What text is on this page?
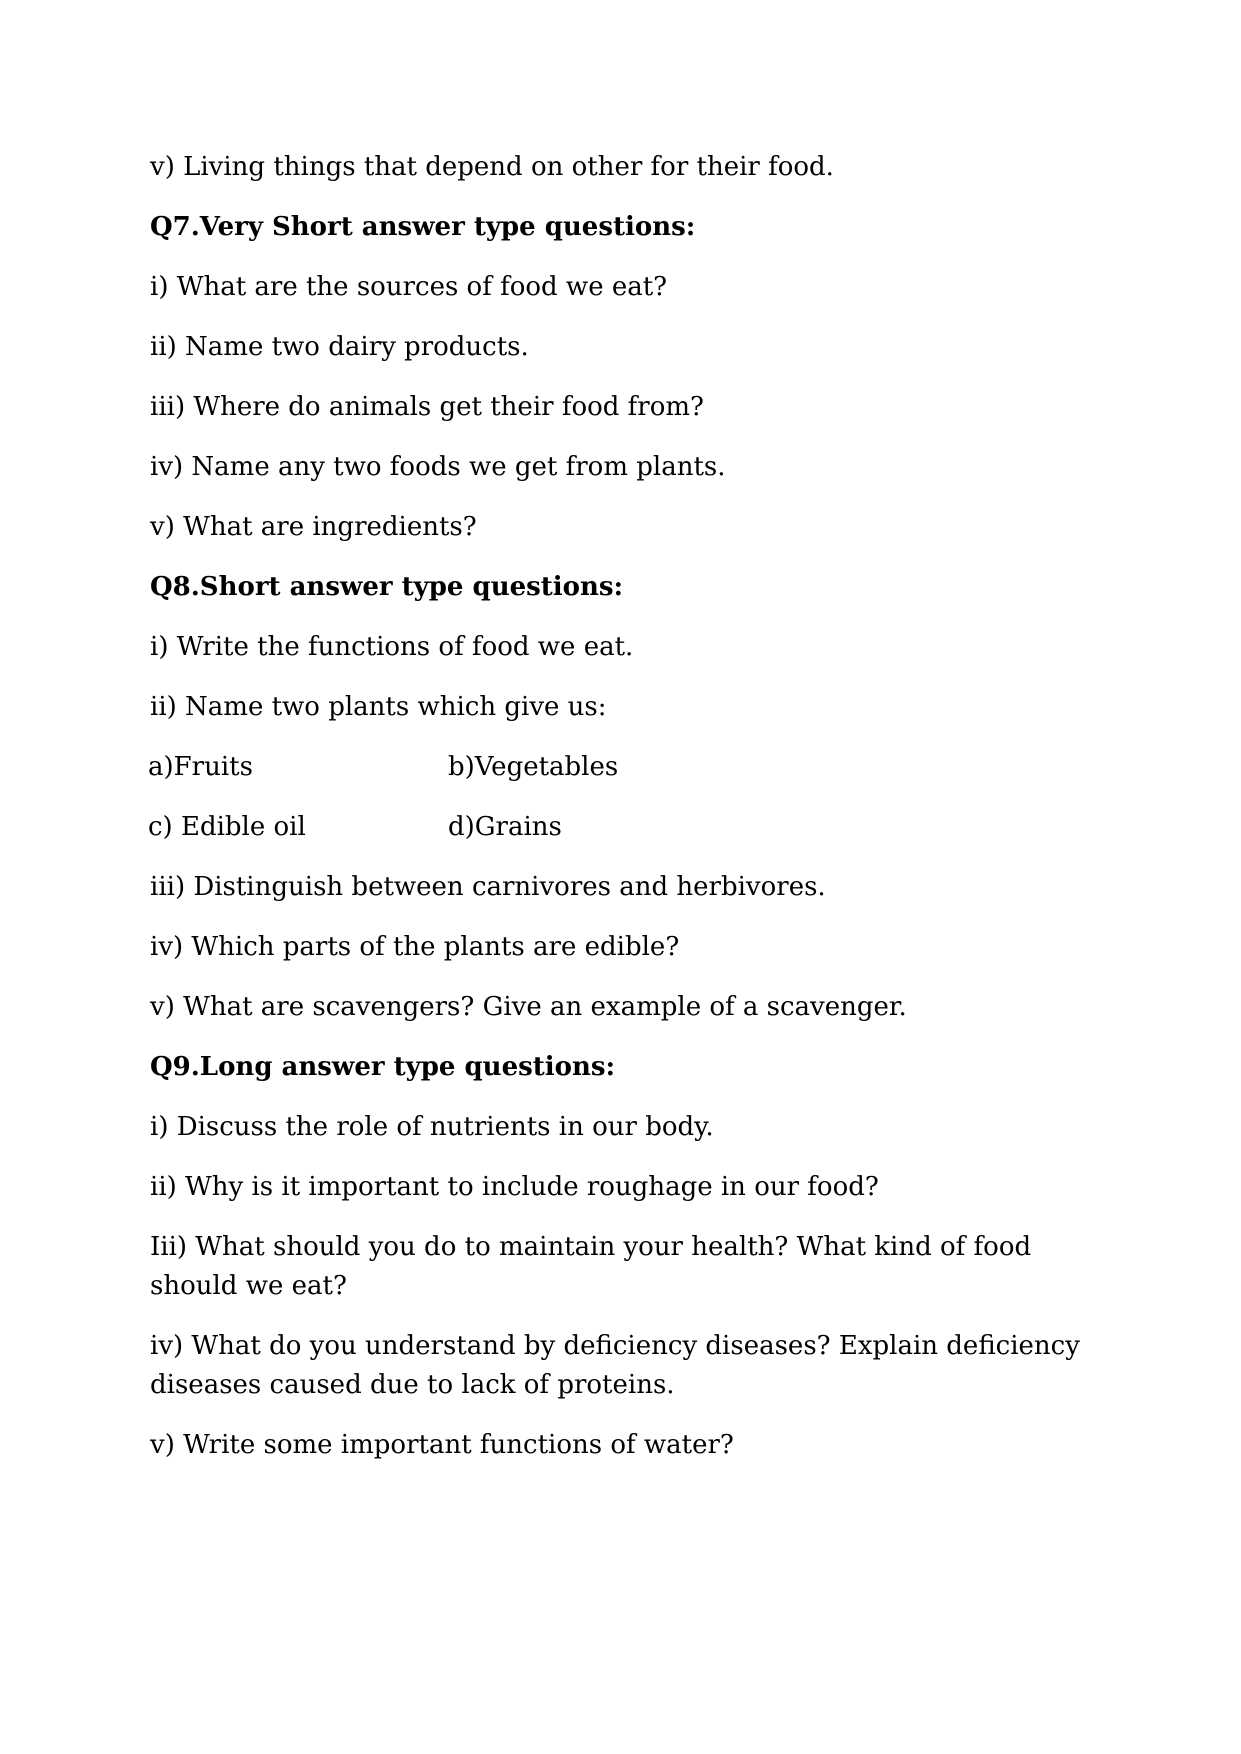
v) Living things that depend on other for their food.

Q7.Very Short answer type questions:

i) What are the sources of food we eat?

ii) Name two dairy products.

iii) Where do animals get their food from?

iv) Name any two foods we get from plants.

v) What are ingredients?

Q8.Short answer type questions:

i) Write the functions of food we eat.

ii) Name two plants which give us:

a)Fruits	b)Vegetables
c) Edible oil	d)Grains

iii) Distinguish between carnivores and herbivores.

iv) Which parts of the plants are edible?

v) What are scavengers? Give an example of a scavenger.

Q9.Long answer type questions:

i) Discuss the role of nutrients in our body.

ii) Why is it important to include roughage in our food?

Iii) What should you do to maintain your health? What kind of food should we eat?

iv) What do you understand by deficiency diseases? Explain deficiency diseases caused due to lack of proteins.

v) Write some important functions of water?
